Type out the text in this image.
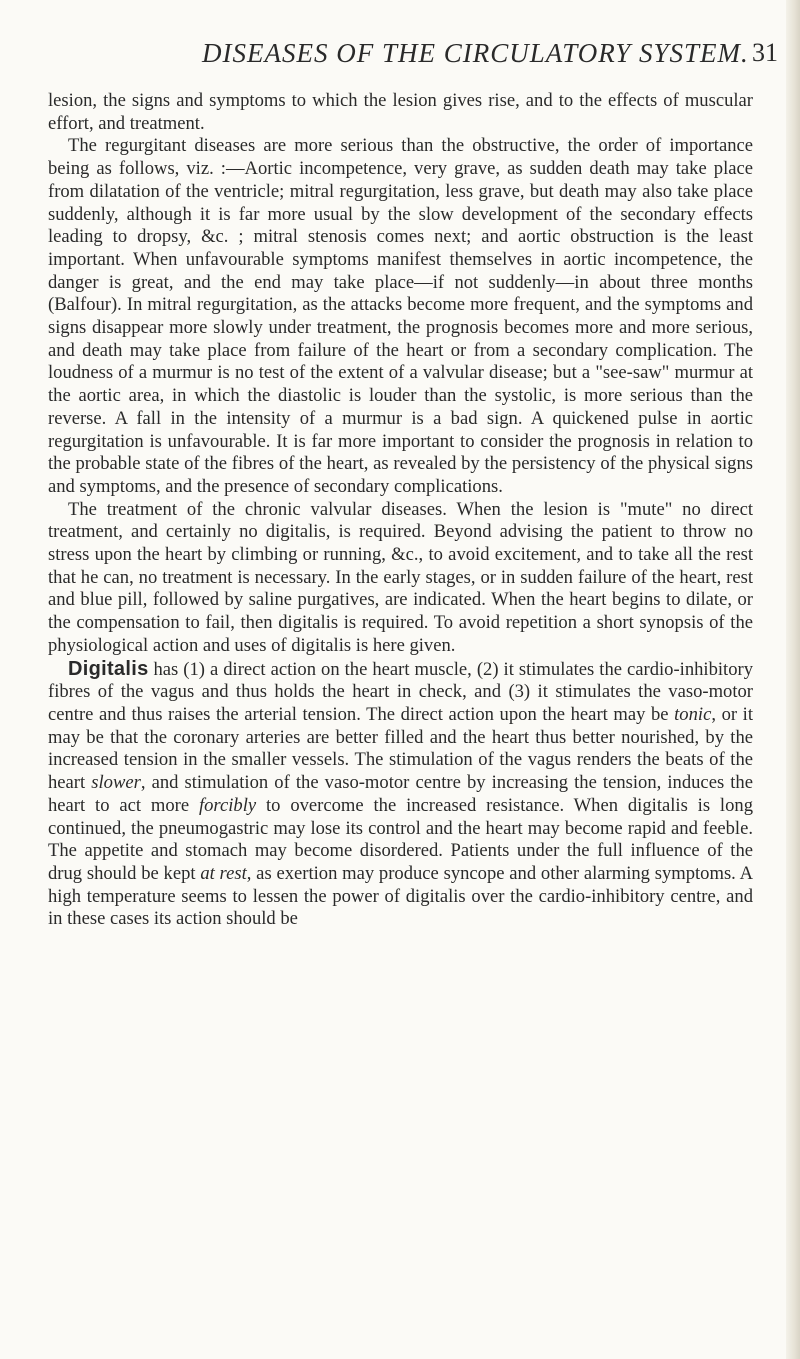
DISEASES OF THE CIRCULATORY SYSTEM. 31

lesion, the signs and symptoms to which the lesion gives rise, and to the effects of muscular effort, and treatment.

The regurgitant diseases are more serious than the obstructive, the order of importance being as follows, viz. :—Aortic incompetence, very grave, as sudden death may take place from dilatation of the ventricle; mitral regurgitation, less grave, but death may also take place suddenly, although it is far more usual by the slow development of the secondary effects leading to dropsy, &c. ; mitral stenosis comes next; and aortic obstruction is the least important. When unfavourable symptoms manifest themselves in aortic incompetence, the danger is great, and the end may take place—if not suddenly—in about three months (Balfour). In mitral regurgitation, as the attacks become more frequent, and the symptoms and signs disappear more slowly under treatment, the prognosis becomes more and more serious, and death may take place from failure of the heart or from a secondary complication. The loudness of a murmur is no test of the extent of a valvular disease; but a "see-saw" murmur at the aortic area, in which the diastolic is louder than the systolic, is more serious than the reverse. A fall in the intensity of a murmur is a bad sign. A quickened pulse in aortic regurgitation is unfavourable. It is far more important to consider the prognosis in relation to the probable state of the fibres of the heart, as revealed by the persistency of the physical signs and symptoms, and the presence of secondary complications.

The treatment of the chronic valvular diseases. When the lesion is "mute" no direct treatment, and certainly no digitalis, is required. Beyond advising the patient to throw no stress upon the heart by climbing or running, &c., to avoid excitement, and to take all the rest that he can, no treatment is necessary. In the early stages, or in sudden failure of the heart, rest and blue pill, followed by saline purgatives, are indicated. When the heart begins to dilate, or the compensation to fail, then digitalis is required. To avoid repetition a short synopsis of the physiological action and uses of digitalis is here given.

Digitalis has (1) a direct action on the heart muscle, (2) it stimulates the cardio-inhibitory fibres of the vagus and thus holds the heart in check, and (3) it stimulates the vaso-motor centre and thus raises the arterial tension. The direct action upon the heart may be tonic, or it may be that the coronary arteries are better filled and the heart thus better nourished, by the increased tension in the smaller vessels. The stimulation of the vagus renders the beats of the heart slower, and stimulation of the vaso-motor centre by increasing the tension, induces the heart to act more forcibly to overcome the increased resistance. When digitalis is long continued, the pneumogastric may lose its control and the heart may become rapid and feeble. The appetite and stomach may become disordered. Patients under the full influence of the drug should be kept at rest, as exertion may produce syncope and other alarming symptoms. A high temperature seems to lessen the power of digitalis over the cardio-inhibitory centre, and in these cases its action should be
